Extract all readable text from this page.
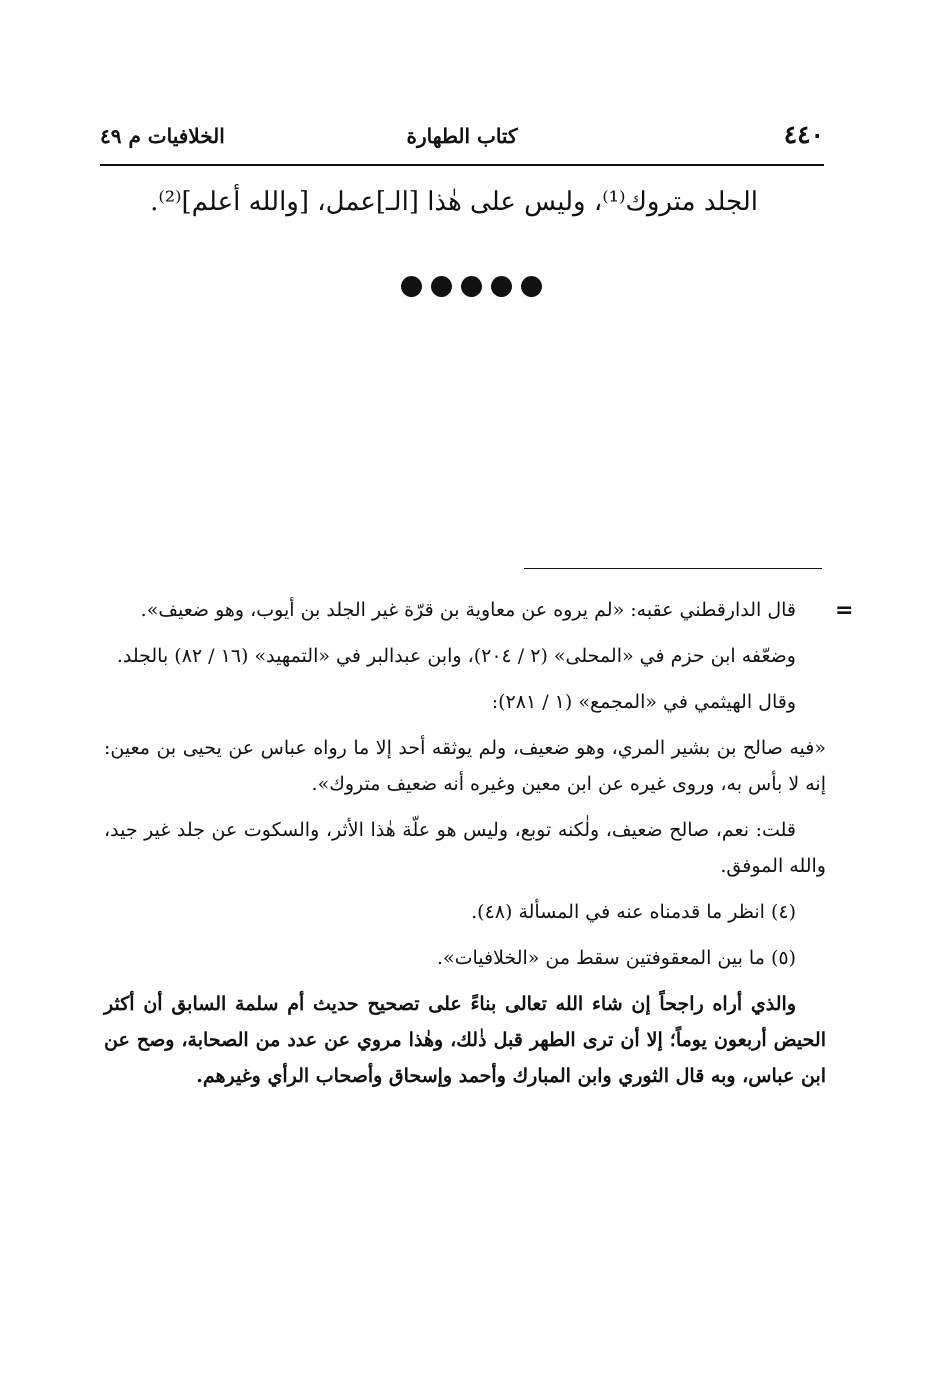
٤٤٠
كتاب الطهارة
الخلافيات م ٤٩
الجلد متروك⁽¹⁾، وليس على هٰذا [الـ]عمل، [والله أعلم]⁽²⁾.
=

قال الدارقطني عقبه: «لم يروه عن معاوية بن قرّة غير الجلد بن أيوب، وهو ضعيف».

وضعّفه ابن حزم في «المحلى» (٢ / ٢٠٤)، وابن عبدالبر في «التمهيد» (١٦ / ٨٢) بالجلد.

وقال الهيثمي في «المجمع» (١ / ٢٨١):

«فيه صالح بن بشير المري، وهو ضعيف، ولم يوثقه أحد إلا ما رواه عباس عن يحيى بن معين: إنه لا بأس به، وروى غيره عن ابن معين وغيره أنه ضعيف متروك».

قلت: نعم، صالح ضعيف، ولٰكنه توبع، وليس هو علّة هٰذا الأثر، والسكوت عن جلد غير جيد، والله الموفق.

(٤) انظر ما قدمناه عنه في المسألة (٤٨).

(٥) ما بين المعقوفتين سقط من «الخلافيات».

والذي أراه راجحاً إن شاء الله تعالى بناءً على تصحيح حديث أم سلمة السابق أن أكثر الحيض أربعون يوماً؛ إلا أن ترى الطهر قبل ذٰلك، وهٰذا مروي عن عدد من الصحابة، وصح عن ابن عباس، وبه قال الثوري وابن المبارك وأحمد وإسحاق وأصحاب الرأي وغيرهم.
